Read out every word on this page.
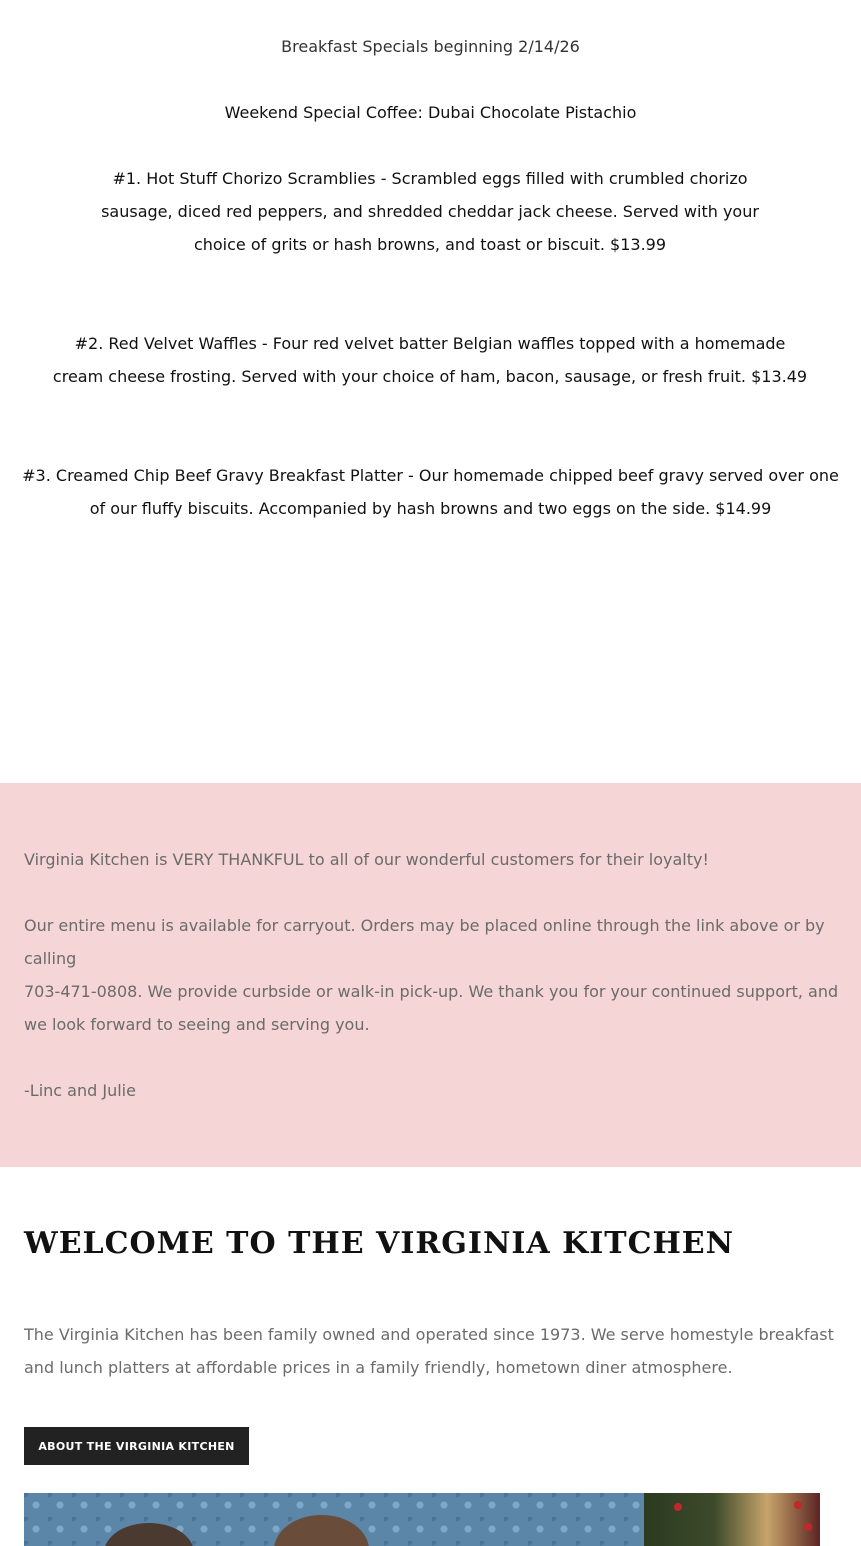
Breakfast Specials beginning 2/14/26

Weekend Special Coffee: Dubai Chocolate Pistachio

#1. Hot Stuff Chorizo Scramblies - Scrambled eggs filled with crumbled chorizo sausage, diced red peppers, and shredded cheddar jack cheese. Served with your choice of grits or hash browns, and toast or biscuit. $13.99

#2. Red Velvet Waffles - Four red velvet batter Belgian waffles topped with a homemade cream cheese frosting. Served with your choice of ham, bacon, sausage, or fresh fruit. $13.49

#3. Creamed Chip Beef Gravy Breakfast Platter - Our homemade chipped beef gravy served over one of our fluffy biscuits. Accompanied by hash browns and two eggs on the side. $14.99

Virginia Kitchen is VERY THANKFUL to all of our wonderful customers for their loyalty!

Our entire menu is available for carryout. Orders may be placed online through the link above or by calling

703-471-0808. We provide curbside or walk-in pick-up. We thank you for your continued support, and we look forward to seeing and serving you.

-Linc and Julie

WELCOME TO THE VIRGINIA KITCHEN

The Virginia Kitchen has been family owned and operated since 1973. We serve homestyle breakfast and lunch platters at affordable prices in a family friendly, hometown diner atmosphere.

ABOUT THE VIRGINIA KITCHEN
